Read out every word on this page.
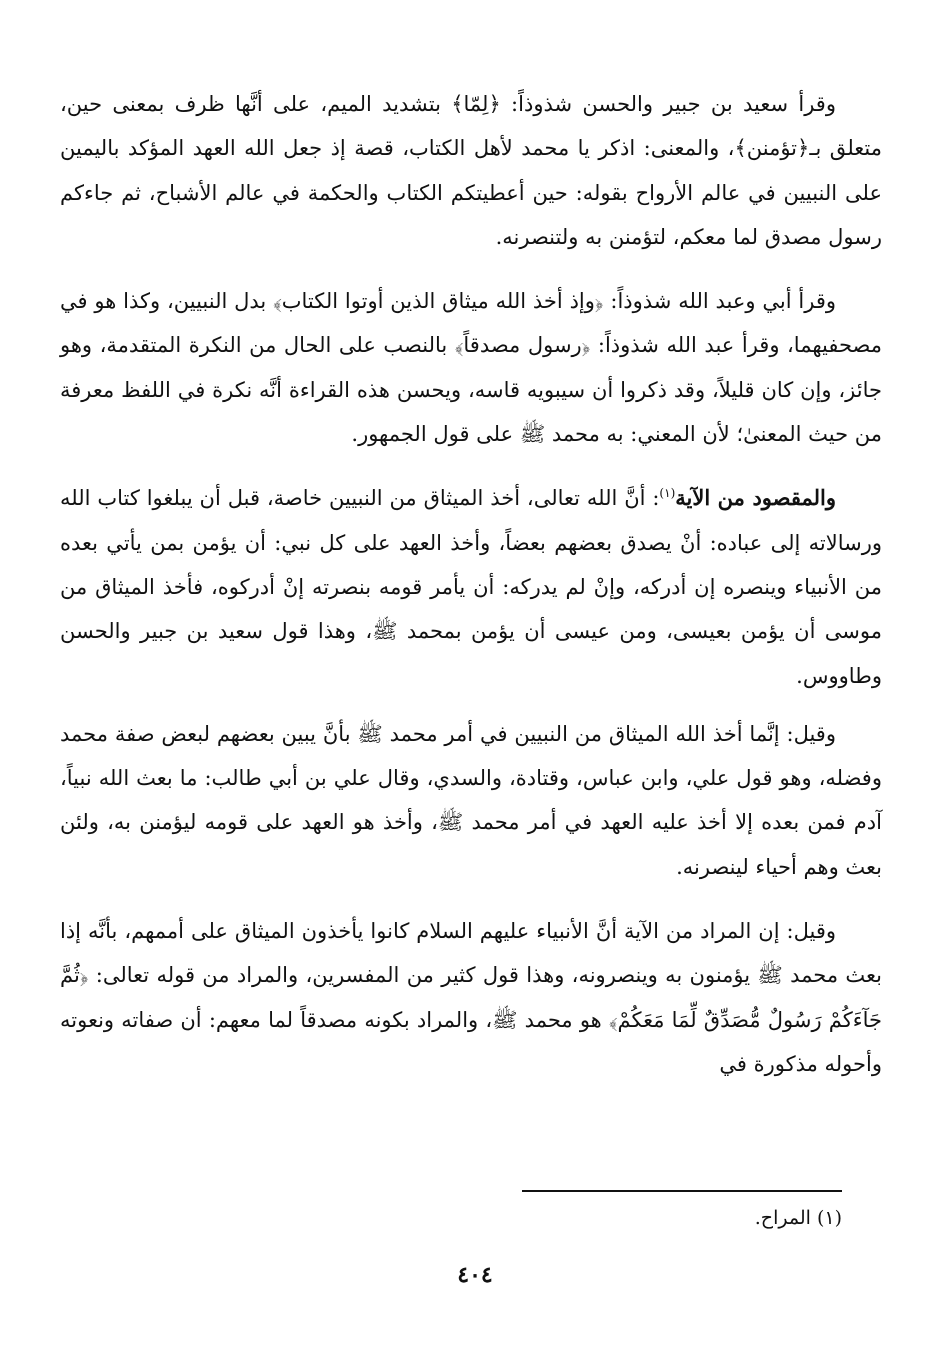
وقرأ سعيد بن جبير والحسن شذوذاً: ﴿لِمّا﴾ بتشديد الميم، على أنَّها ظرف بمعنى حين، متعلق بـ﴿تؤمنن﴾، والمعنى: اذكر يا محمد لأهل الكتاب، قصة إذ جعل الله العهد المؤكد باليمين على النبيين في عالم الأرواح بقوله: حين أعطيتكم الكتاب والحكمة في عالم الأشباح، ثم جاءكم رسول مصدق لما معكم، لتؤمنن به ولتنصرنه.

وقرأ أبي وعبد الله شذوذاً: ﴿وإذ أخذ الله ميثاق الذين أوتوا الكتاب﴾ بدل النبيين، وكذا هو في مصحفيهما، وقرأ عبد الله شذوذاً: ﴿رسول مصدقاً﴾ بالنصب على الحال من النكرة المتقدمة، وهو جائز، وإن كان قليلاً، وقد ذكروا أن سيبويه قاسه، ويحسن هذه القراءة أنَّه نكرة في اللفظ معرفة من حيث المعنىٰ؛ لأن المعني: به محمد ﷺ على قول الجمهور.

والمقصود من الآية$^{(١)}$: أنَّ الله تعالى، أخذ الميثاق من النبيين خاصة، قبل أن يبلغوا كتاب الله ورسالاته إلى عباده: أنْ يصدق بعضهم بعضاً، وأخذ العهد على كل نبي: أن يؤمن بمن يأتي بعده من الأنبياء وينصره إن أدركه، وإنْ لم يدركه: أن يأمر قومه بنصرته إنْ أدركوه، فأخذ الميثاق من موسى أن يؤمن بعيسى، ومن عيسى أن يؤمن بمحمد ﷺ، وهذا قول سعيد بن جبير والحسن وطاووس.

وقيل: إنَّما أخذ الله الميثاق من النبيين في أمر محمد ﷺ بأنَّ يبين بعضهم لبعض صفة محمد وفضله، وهو قول علي، وابن عباس، وقتادة، والسدي، وقال علي بن أبي طالب: ما بعث الله نبياً، آدم فمن بعده إلا أخذ عليه العهد في أمر محمد ﷺ، وأخذ هو العهد على قومه ليؤمنن به، ولئن بعث وهم أحياء لينصرنه.

وقيل: إن المراد من الآية أنَّ الأنبياء عليهم السلام كانوا يأخذون الميثاق على أممهم، بأنَّه إذا بعث محمد ﷺ يؤمنون به وينصرونه، وهذا قول كثير من المفسرين، والمراد من قوله تعالى: ﴿ثُمَّ جَآءَكُمْ رَسُولٌ مُّصَدِّقٌ لِّمَا مَعَكُمْ﴾ هو محمد ﷺ، والمراد بكونه مصدقاً لما معهم: أن صفاته ونعوته وأحوله مذكورة في

(١) المراح.
٤٠٤
